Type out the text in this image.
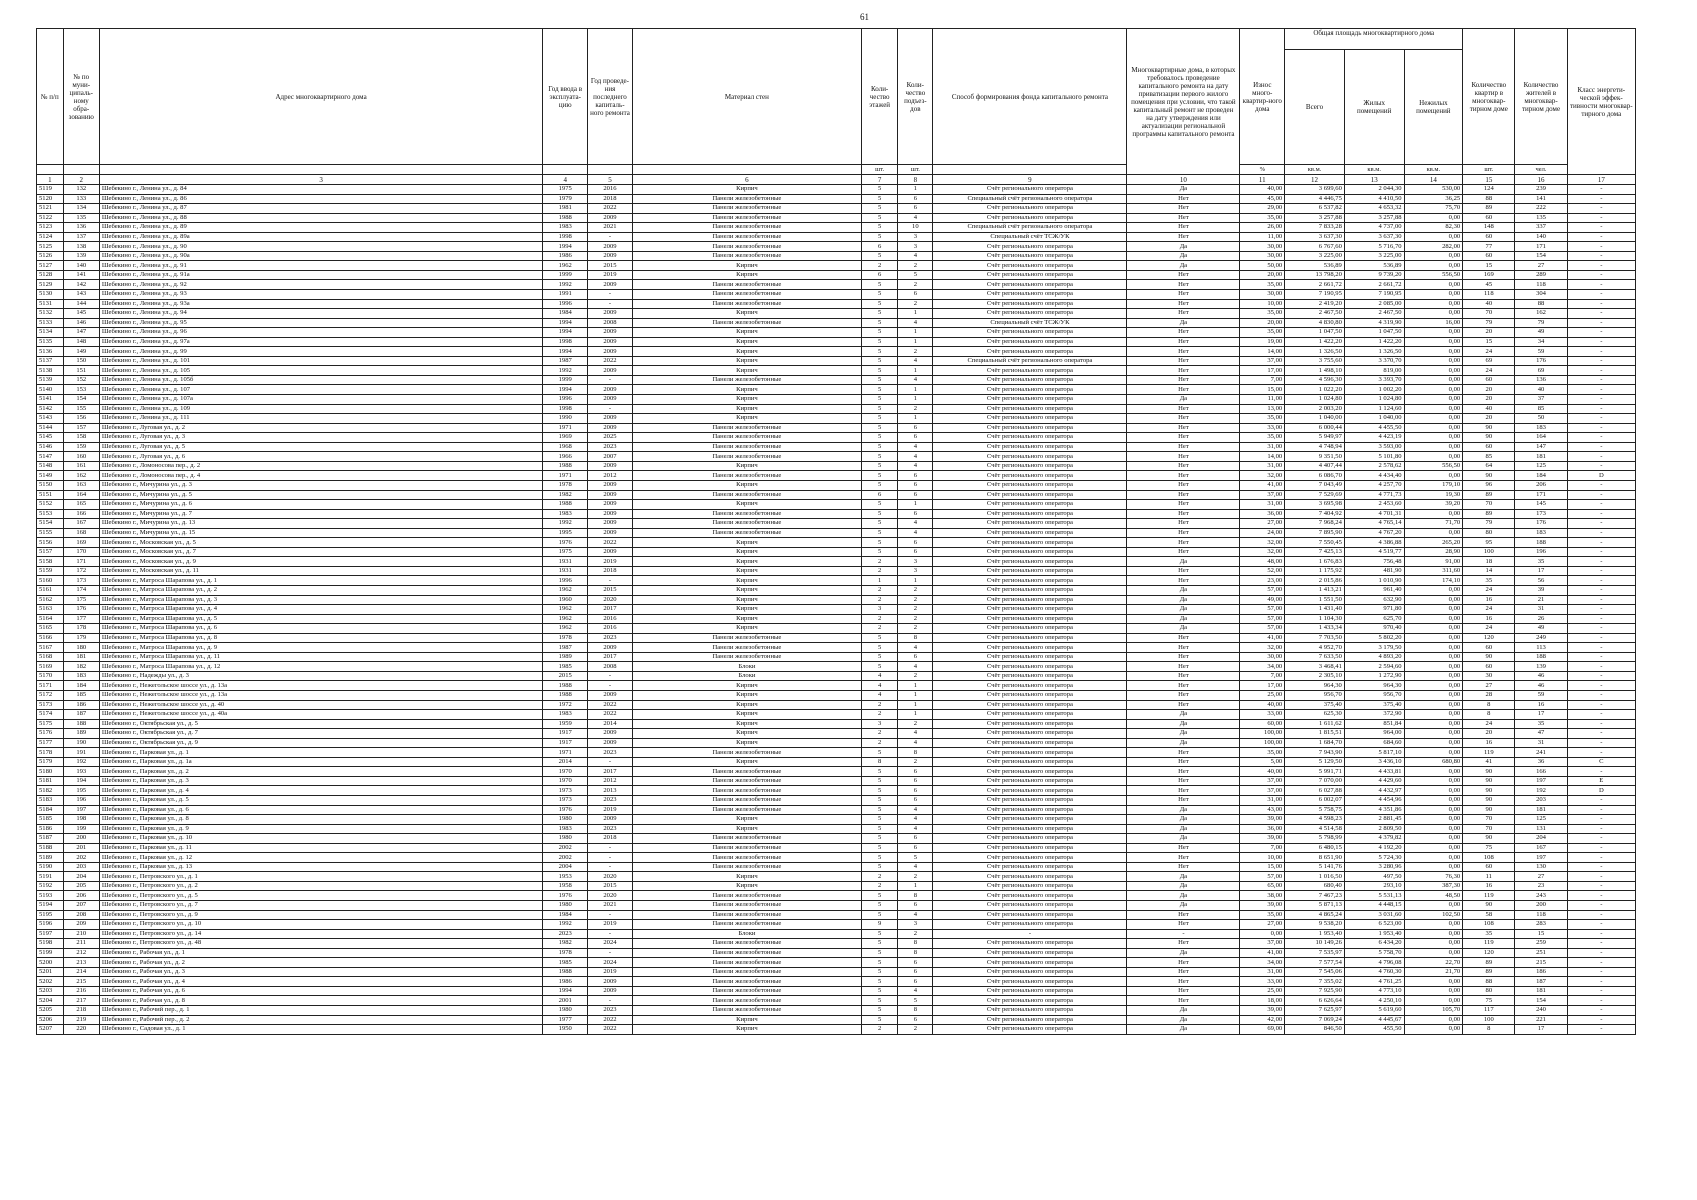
61
№ п/п	№ по муни-ципаль-ному обра-зованию	Адрес многоквартирного дома	Год ввода в эксплуата-цию	Год проведе-ния последнего капиталь-ного ремонта	Материал стен	Коли-чество этажей	Коли-чество подъез-дов	Способ формирования фонда капитального ремонта	Многоквартирные дома, в которых требовалось проведение капитального ремонта на дату приватизации первого жилого помещения при условии, что такой капитальный ремонт не проведен на дату утверждения или актуализации региональной программы капитального ремонта	Износ много-квартир-ного дома	Общая площадь многоквартирного дома			Количество квартир в многоквар-тирном доме	Количество жителей в многоквар-тирном доме	Класс энергети-ческой эффек-тивности многоквар-тирного дома
											Всего	Жилых помещений	Нежилых помещений			
						шт.	шт.			%	кв.м.	кв.м.	кв.м.	шт.	чел.	
1	2	3	4	5	6	7	8	9	10	11	12	13	14	15	16	17
5119	132	Шебекино г., Ленина ул., д. 84	1975	2016	Кирпич	5	1	Счёт регионального оператора	Да	40,00	3 699,60	2 044,30	530,00	124	239	-
5120	133	Шебекино г., Ленина ул., д. 86	1979	2018	Панели железобетонные	5	6	Специальный счёт регионального оператора	Нет	45,00	4 446,75	4 410,50	36,25	88	141	-
5121	134	Шебекино г., Ленина ул., д. 87	1981	2022	Панели железобетонные	5	6	Счёт регионального оператора	Нет	29,00	6 537,82	4 653,32	75,70	89	222	-
5122	135	Шебекино г., Ленина ул., д. 88	1988	2009	Панели железобетонные	5	4	Счёт регионального оператора	Нет	35,00	3 257,88	3 257,88	0,00	60	135	-
5123	136	Шебекино г., Ленина ул., д. 89	1983	2021	Панели железобетонные	5	10	Специальный счёт регионального оператора	Нет	26,00	7 833,28	4 737,00	82,30	148	337	-
5124	137	Шебекино г., Ленина ул., д. 89а	1998	-	Панели железобетонные	5	3	Специальный счёт ТСЖ/УК	Нет	11,00	3 637,30	3 637,30	0,00	60	140	-
5125	138	Шебекино г., Ленина ул., д. 90	1994	2009	Панели железобетонные	6	3	Счёт регионального оператора	Да	30,00	6 767,60	5 716,70	282,00	77	171	-
5126	139	Шебекино г., Ленина ул., д. 90а	1986	2009	Панели железобетонные	5	4	Счёт регионального оператора	Да	30,00	3 225,00	3 225,00	0,00	60	154	-
5127	140	Шебекино г., Ленина ул., д. 91	1962	2015	Кирпич	2	2	Счёт регионального оператора	Да	50,00	536,89	536,89	0,00	15	27	-
5128	141	Шебекино г., Ленина ул., д. 91а	1999	2019	Кирпич	6	5	Счёт регионального оператора	Нет	20,00	13 798,20	9 739,20	556,50	169	289	-
5129	142	Шебекино г., Ленина ул., д. 92	1992	2009	Панели железобетонные	5	2	Счёт регионального оператора	Нет	35,00	2 661,72	2 661,72	0,00	45	118	-
5130	143	Шебекино г., Ленина ул., д. 93	1991	-	Панели железобетонные	5	6	Счёт регионального оператора	Нет	30,00	7 190,95	7 190,95	0,00	118	304	-
5131	144	Шебекино г., Ленина ул., д. 93а	1996	-	Панели железобетонные	5	2	Счёт регионального оператора	Нет	10,00	2 419,20	2 085,00	0,00	40	88	-
5132	145	Шебекино г., Ленина ул., д. 94	1984	2009	Кирпич	5	1	Счёт регионального оператора	Нет	35,00	2 467,50	2 467,50	0,00	70	162	-
5133	146	Шебекино г., Ленина ул., д. 95	1994	2008	Панели железобетонные	5	4	Специальный счёт ТСЖ/УК	Да	20,00	4 830,80	4 319,90	16,00	79	79	-
5134	147	Шебекино г., Ленина ул., д. 96	1994	2009	Кирпич	5	1	Счёт регионального оператора	Нет	35,00	1 047,50	1 047,50	0,00	20	49	-
5135	148	Шебекино г., Ленина ул., д. 97а	1998	2009	Кирпич	5	1	Счёт регионального оператора	Нет	19,00	1 422,20	1 422,20	0,00	15	34	-
5136	149	Шебекино г., Ленина ул., д. 99	1994	2009	Кирпич	5	2	Счёт регионального оператора	Нет	14,00	1 326,50	1 326,50	0,00	24	59	-
5137	150	Шебекино г., Ленина ул., д. 101	1987	2022	Кирпич	5	4	Специальный счёт регионального оператора	Нет	37,00	3 755,60	3 370,70	0,00	69	176	-
5138	151	Шебекино г., Ленина ул., д. 105	1992	2009	Кирпич	5	1	Счёт регионального оператора	Нет	17,00	1 498,10	819,00	0,00	24	69	-
5139	152	Шебекино г., Ленина ул., д. 105б	1999	-	Панели железобетонные	5	4	Счёт регионального оператора	Нет	7,00	4 596,30	3 393,70	0,00	60	136	-
5140	153	Шебекино г., Ленина ул., д. 107	1994	2009	Кирпич	5	1	Счёт регионального оператора	Нет	15,00	1 022,20	1 002,20	0,00	20	40	-
5141	154	Шебекино г., Ленина ул., д. 107а	1996	2009	Кирпич	5	1	Счёт регионального оператора	Да	11,00	1 024,80	1 024,80	0,00	20	37	-
5142	155	Шебекино г., Ленина ул., д. 109	1998	-	Кирпич	5	2	Счёт регионального оператора	Нет	13,00	2 003,20	1 124,60	0,00	40	85	-
5143	156	Шебекино г., Ленина ул., д. 111	1990	2009	Кирпич	5	1	Счёт регионального оператора	Нет	35,00	1 040,00	1 040,00	0,00	20	50	-
5144	157	Шебекино г., Луговая ул., д. 2	1971	2009	Панели железобетонные	5	6	Счёт регионального оператора	Нет	33,00	6 000,44	4 455,50	0,00	90	183	-
5145	158	Шебекино г., Луговая ул., д. 3	1969	2025	Панели железобетонные	5	6	Счёт регионального оператора	Нет	35,00	5 949,97	4 423,19	0,00	90	164	-
5146	159	Шебекино г., Луговая ул., д. 5	1968	2023	Панели железобетонные	5	4	Счёт регионального оператора	Нет	31,00	4 748,94	3 593,00	0,00	60	147	-
5147	160	Шебекино г., Луговая ул., д. 6	1966	2007	Панели железобетонные	5	4	Счёт регионального оператора	Нет	14,00	9 351,50	5 101,80	0,00	85	181	-
5148	161	Шебекино г., Ломоносова пер., д. 2	1988	2009	Кирпич	5	4	Счёт регионального оператора	Нет	31,00	4 407,44	2 578,62	556,50	64	125	-
5149	162	Шебекино г., Ломоносова пер., д. 4	1971	2012	Панели железобетонные	5	6	Счёт регионального оператора	Нет	32,00	6 086,70	4 434,40	0,00	90	184	D
5150	163	Шебекино г., Мичурина ул., д. 3	1978	2009	Кирпич	5	6	Счёт регионального оператора	Нет	41,00	7 043,49	4 257,70	179,10	96	206	-
5151	164	Шебекино г., Мичурина ул., д. 5	1982	2009	Панели железобетонные	6	6	Счёт регионального оператора	Нет	37,00	7 529,69	4 771,73	19,30	89	171	-
5152	165	Шебекино г., Мичурина ул., д. 6	1988	2009	Кирпич	5	1	Счёт регионального оператора	Нет	31,00	3 695,98	2 453,60	39,20	70	145	-
5153	166	Шебекино г., Мичурина ул., д. 7	1983	2009	Панели железобетонные	5	6	Счёт регионального оператора	Нет	36,00	7 404,92	4 701,31	0,00	89	173	-
5154	167	Шебекино г., Мичурина ул., д. 13	1992	2009	Панели железобетонные	5	4	Счёт регионального оператора	Нет	27,00	7 968,24	4 765,14	71,70	79	176	-
5155	168	Шебекино г., Мичурина ул., д. 15	1995	2009	Панели железобетонные	5	4	Счёт регионального оператора	Нет	24,00	7 895,90	4 767,20	0,00	80	183	-
5156	169	Шебекино г., Московская ул., д. 5	1976	2022	Кирпич	5	6	Счёт регионального оператора	Нет	32,00	7 550,45	4 386,88	265,20	95	188	-
5157	170	Шебекино г., Московская ул., д. 7	1975	2009	Кирпич	5	6	Счёт регионального оператора	Нет	32,00	7 425,13	4 519,77	28,90	100	196	-
5158	171	Шебекино г., Московская ул., д. 9	1931	2019	Кирпич	2	3	Счёт регионального оператора	Да	48,00	1 676,83	756,48	91,00	18	35	-
5159	172	Шебекино г., Московская ул., д. 11	1931	2018	Кирпич	2	3	Счёт регионального оператора	Нет	52,00	1 175,92	481,90	311,60	14	17	-
5160	173	Шебекино г., Матроса Шарапова ул., д. 1	1996	-	Кирпич	1	1	Счёт регионального оператора	Нет	23,00	2 015,86	1 010,90	174,10	35	56	-
5161	174	Шебекино г., Матроса Шарапова ул., д. 2	1962	2015	Кирпич	2	2	Счёт регионального оператора	Да	57,00	1 413,21	961,40	0,00	24	39	-
5162	175	Шебекино г., Матроса Шарапова ул., д. 3	1960	2020	Кирпич	2	2	Счёт регионального оператора	Да	49,00	1 551,50	632,90	0,00	16	21	-
5163	176	Шебекино г., Матроса Шарапова ул., д. 4	1962	2017	Кирпич	3	2	Счёт регионального оператора	Да	57,00	1 431,40	971,80	0,00	24	31	-
5164	177	Шебекино г., Матроса Шарапова ул., д. 5	1962	2016	Кирпич	2	2	Счёт регионального оператора	Да	57,00	1 104,30	625,70	0,00	16	26	-
5165	178	Шебекино г., Матроса Шарапова ул., д. 6	1962	2016	Кирпич	2	2	Счёт регионального оператора	Да	57,00	1 433,34	970,40	0,00	24	49	-
5166	179	Шебекино г., Матроса Шарапова ул., д. 8	1978	2023	Панели железобетонные	5	8	Счёт регионального оператора	Нет	41,00	7 703,50	5 802,20	0,00	120	249	-
5167	180	Шебекино г., Матроса Шарапова ул., д. 9	1987	2009	Панели железобетонные	5	4	Счёт регионального оператора	Нет	32,00	4 952,70	3 179,50	0,00	60	113	-
5168	181	Шебекино г., Матроса Шарапова ул., д. 11	1989	2017	Панели железобетонные	5	6	Счёт регионального оператора	Нет	30,00	7 633,50	4 893,20	0,00	90	188	-
5169	182	Шебекино г., Матроса Шарапова ул., д. 12	1985	2008	Блоки	5	4	Счёт регионального оператора	Нет	34,00	3 468,41	2 594,60	0,00	60	139	-
5170	183	Шебекино г., Надежды ул., д. 3	2015	-	Блоки	4	2	Счёт регионального оператора	Нет	7,00	2 305,10	1 272,90	0,00	30	46	-
5171	184	Шебекино г., Нежегольское шоссе ул., д. 13а	1988	-	Кирпич	4	1	Счёт регионального оператора	Нет	17,00	964,30	964,30	0,00	27	46	-
5172	185	Шебекино г., Нежегольское шоссе ул., д. 13а	1988	2009	Кирпич	4	1	Счёт регионального оператора	Нет	25,00	956,70	956,70	0,00	28	59	-
5173	186	Шебекино г., Нежегольское шоссе ул., д. 40	1972	2022	Кирпич	2	1	Счёт регионального оператора	Нет	40,00	375,40	375,40	0,00	8	16	-
5174	187	Шебекино г., Нежегольское шоссе ул., д. 40а	1983	2022	Кирпич	2	1	Счёт регионального оператора	Да	33,00	625,30	372,90	0,00	8	17	-
5175	188	Шебекино г., Октябрьская ул., д. 5	1959	2014	Кирпич	3	2	Счёт регионального оператора	Да	60,00	1 611,62	851,84	0,00	24	35	-
5176	189	Шебекино г., Октябрьская ул., д. 7	1917	2009	Кирпич	2	4	Счёт регионального оператора	Да	100,00	1 815,51	964,00	0,00	20	47	-
5177	190	Шебекино г., Октябрьская ул., д. 9	1917	2009	Кирпич	2	4	Счёт регионального оператора	Да	100,00	1 684,70	684,60	0,00	16	31	-
5178	191	Шебекино г., Парковая ул., д. 1	1971	2023	Панели железобетонные	5	8	Счёт регионального оператора	Нет	35,00	7 943,90	5 817,10	0,00	119	241	-
5179	192	Шебекино г., Парковая ул., д. 1а	2014	-	Кирпич	8	2	Счёт регионального оператора	Нет	5,00	5 129,50	3 436,10	680,80	41	36	C
5180	193	Шебекино г., Парковая ул., д. 2	1970	2017	Панели железобетонные	5	6	Счёт регионального оператора	Нет	40,00	5 991,71	4 433,81	0,00	90	166	-
5181	194	Шебекино г., Парковая ул., д. 3	1970	2012	Панели железобетонные	5	6	Счёт регионального оператора	Нет	37,00	7 070,00	4 429,60	0,00	90	197	E
5182	195	Шебекино г., Парковая ул., д. 4	1973	2013	Панели железобетонные	5	6	Счёт регионального оператора	Нет	37,00	6 027,88	4 432,97	0,00	90	192	D
5183	196	Шебекино г., Парковая ул., д. 5	1973	2023	Панели железобетонные	5	6	Счёт регионального оператора	Нет	31,00	6 002,07	4 454,96	0,00	90	203	-
5184	197	Шебекино г., Парковая ул., д. 6	1976	2019	Панели железобетонные	5	4	Счёт регионального оператора	Да	43,00	5 758,75	4 351,86	0,00	90	181	-
5185	198	Шебекино г., Парковая ул., д. 8	1980	2009	Кирпич	5	4	Счёт регионального оператора	Да	39,00	4 598,23	2 881,45	0,00	70	125	-
5186	199	Шебекино г., Парковая ул., д. 9	1983	2023	Кирпич	5	4	Счёт регионального оператора	Да	36,00	4 514,58	2 809,50	0,00	70	131	-
5187	200	Шебекино г., Парковая ул., д. 10	1980	2018	Панели железобетонные	5	6	Счёт регионального оператора	Да	39,00	5 798,99	4 379,82	0,00	90	204	-
5188	201	Шебекино г., Парковая ул., д. 11	2002	-	Панели железобетонные	5	6	Счёт регионального оператора	Нет	7,00	6 480,15	4 192,20	0,00	75	167	-
5189	202	Шебекино г., Парковая ул., д. 12	2002	-	Панели железобетонные	5	5	Счёт регионального оператора	Нет	10,00	8 651,90	5 724,30	0,00	108	197	-
5190	203	Шебекино г., Парковая ул., д. 13	2004	-	Панели железобетонные	5	4	Счёт регионального оператора	Нет	15,00	5 141,76	3 280,96	0,00	60	130	-
5191	204	Шебекино г., Петровского ул., д. 1	1953	2020	Кирпич	2	2	Счёт регионального оператора	Да	57,00	1 016,50	497,50	76,30	11	27	-
5192	205	Шебекино г., Петровского ул., д. 2	1958	2015	Кирпич	2	1	Счёт регионального оператора	Да	65,00	680,40	293,10	387,30	16	23	-
5193	206	Шебекино г., Петровского ул., д. 5	1976	2020	Панели железобетонные	5	8	Счёт регионального оператора	Да	38,00	7 467,23	5 531,13	48,50	119	243	-
5194	207	Шебекино г., Петровского ул., д. 7	1980	2021	Панели железобетонные	5	6	Счёт регионального оператора	Да	39,00	5 871,13	4 448,15	0,00	90	200	-
5195	208	Шебекино г., Петровского ул., д. 9	1984	-	Панели железобетонные	5	4	Счёт регионального оператора	Нет	35,00	4 865,24	3 031,60	102,50	58	118	-
5196	209	Шебекино г., Петровского ул., д. 10	1992	2019	Панели железобетонные	9	3	Счёт регионального оператора	Нет	27,00	9 538,20	6 523,00	0,00	108	283	-
5197	210	Шебекино г., Петровского ул., д. 14	2023	-	Блоки	5	2	-	-	0,00	1 953,40	1 953,40	0,00	35	15	-
5198	211	Шебекино г., Петровского ул., д. 48	1982	2024	Панели железобетонные	5	8	Счёт регионального оператора	Нет	37,00	10 149,26	6 434,20	0,00	119	259	-
5199	212	Шебекино г., Рабочая ул., д. 1	1978	-	Панели железобетонные	5	8	Счёт регионального оператора	Да	41,00	7 535,97	5 758,70	0,00	120	251	-
5200	213	Шебекино г., Рабочая ул., д. 2	1985	2024	Панели железобетонные	5	6	Счёт регионального оператора	Нет	34,00	7 577,54	4 796,08	22,70	89	215	-
5201	214	Шебекино г., Рабочая ул., д. 3	1988	2019	Панели железобетонные	5	6	Счёт регионального оператора	Нет	31,00	7 545,06	4 760,30	21,70	89	186	-
5202	215	Шебекино г., Рабочая ул., д. 4	1986	2009	Панели железобетонные	5	6	Счёт регионального оператора	Нет	33,00	7 355,02	4 761,25	0,00	88	187	-
5203	216	Шебекино г., Рабочая ул., д. 6	1994	2009	Панели железобетонные	5	4	Счёт регионального оператора	Нет	25,00	7 925,90	4 773,10	0,00	80	181	-
5204	217	Шебекино г., Рабочая ул., д. 8	2001	-	Панели железобетонные	5	5	Счёт регионального оператора	Нет	18,00	6 626,64	4 250,10	0,00	75	154	-
5205	218	Шебекино г., Рабочий пер., д. 1	1980	2023	Панели железобетонные	5	8	Счёт регионального оператора	Да	39,00	7 625,97	5 619,60	105,70	117	240	-
5206	219	Шебекино г., Рабочий пер., д. 2	1977	2022	Кирпич	5	6	Счёт регионального оператора	Да	42,00	7 069,24	4 445,67	0,00	100	221	-
5207	220	Шебекино г., Садовая ул., д. 1	1950	2022	Кирпич	2	2	Счёт регионального оператора	Да	69,00	846,50	455,50	0,00	8	17	-
